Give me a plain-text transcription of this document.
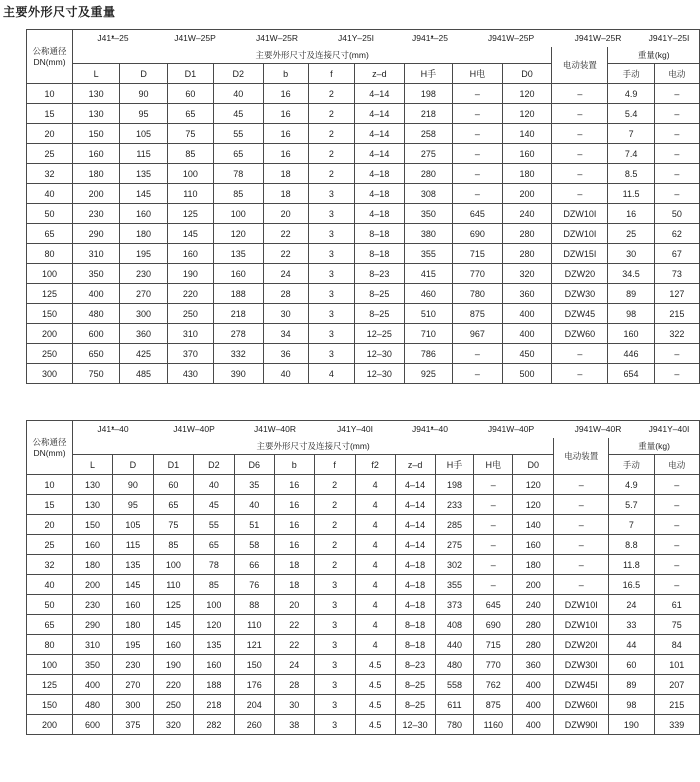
主要外形尺寸及重量
公称通径
DN(mm)	J41ᵜ–25 J41W–25P J41W–25R J41Y–25I J941ᵜ–25 J941W–25P J941W–25R J941Y–25I												
	主要外形尺寸及连接尺寸(mm)										电动装置	重量(kg)	
	L	D	D1	D2	b	f	z–d	H手	H电	D0		手动	电动
10	130	90	60	40	16	2	4–14	198	–	120	–	4.9	–
15	130	95	65	45	16	2	4–14	218	–	120	–	5.4	–
20	150	105	75	55	16	2	4–14	258	–	140	–	7	–
25	160	115	85	65	16	2	4–14	275	–	160	–	7.4	–
32	180	135	100	78	18	2	4–18	280	–	180	–	8.5	–
40	200	145	110	85	18	3	4–18	308	–	200	–	11.5	–
50	230	160	125	100	20	3	4–18	350	645	240	DZW10I	16	50
65	290	180	145	120	22	3	8–18	380	690	280	DZW10I	25	62
80	310	195	160	135	22	3	8–18	355	715	280	DZW15I	30	67
100	350	230	190	160	24	3	8–23	415	770	320	DZW20	34.5	73
125	400	270	220	188	28	3	8–25	460	780	360	DZW30	89	127
150	480	300	250	218	30	3	8–25	510	875	400	DZW45	98	215
200	600	360	310	278	34	3	12–25	710	967	400	DZW60	160	322
250	650	425	370	332	36	3	12–30	786	–	450	–	446	–
300	750	485	430	390	40	4	12–30	925	–	500	–	654	–
公称通径
DN(mm)	J41ᵜ–40 J41W–40P J41W–40R J41Y–40I J941ᵜ–40 J941W–40P J941W–40R J941Y–40I														
	主要外形尺寸及连接尺寸(mm)												电动装置	重量(kg)	
	L	D	D1	D2	D6	b	f	f2	z–d	H手	H电	D0		手动	电动
10	130	90	60	40	35	16	2	4	4–14	198	–	120	–	4.9	–
15	130	95	65	45	40	16	2	4	4–14	233	–	120	–	5.7	–
20	150	105	75	55	51	16	2	4	4–14	285	–	140	–	7	–
25	160	115	85	65	58	16	2	4	4–14	275	–	160	–	8.8	–
32	180	135	100	78	66	18	2	4	4–18	302	–	180	–	11.8	–
40	200	145	110	85	76	18	3	4	4–18	355	–	200	–	16.5	–
50	230	160	125	100	88	20	3	4	4–18	373	645	240	DZW10I	24	61
65	290	180	145	120	110	22	3	4	8–18	408	690	280	DZW10I	33	75
80	310	195	160	135	121	22	3	4	8–18	440	715	280	DZW20I	44	84
100	350	230	190	160	150	24	3	4.5	8–23	480	770	360	DZW30I	60	101
125	400	270	220	188	176	28	3	4.5	8–25	558	762	400	DZW45I	89	207
150	480	300	250	218	204	30	3	4.5	8–25	611	875	400	DZW60I	98	215
200	600	375	320	282	260	38	3	4.5	12–30	780	1160	400	DZW90I	190	339
